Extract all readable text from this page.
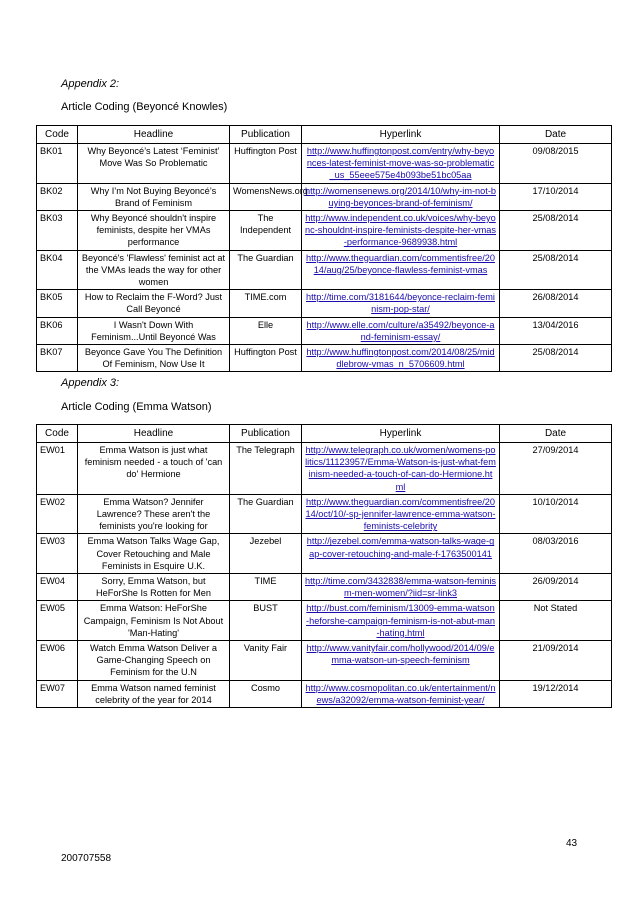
Appendix 2:
Article Coding (Beyoncé Knowles)
Code	Headline	Publication	Hyperlink	Date
BK01	Why Beyoncé’s Latest ‘Feminist’ Move Was So Problematic	Huffington Post	http://www.huffingtonpost.com/entry/why-beyonces-latest-feminist-move-was-so-problematic_us_55eee575e4b093be51bc05aa	09/08/2015
BK02	Why I’m Not Buying Beyoncé’s Brand of Feminism	WomensNews.org	http://womensenews.org/2014/10/why-im-not-buying-beyonces-brand-of-feminism/	17/10/2014
BK03	Why Beyoncé shouldn't inspire feminists, despite her VMAs performance	The Independent	http://www.independent.co.uk/voices/why-beyonc-shouldnt-inspire-feminists-despite-her-vmas-performance-9689938.html	25/08/2014
BK04	Beyoncé's 'Flawless' feminist act at the VMAs leads the way for other women	The Guardian	http://www.theguardian.com/commentisfree/2014/aug/25/beyonce-flawless-feminist-vmas	25/08/2014
BK05	How to Reclaim the F-Word? Just Call Beyoncé	TIME.com	http://time.com/3181644/beyonce-reclaim-feminism-pop-star/	26/08/2014
BK06	I Wasn't Down With Feminism...Until Beyoncé Was	Elle	http://www.elle.com/culture/a35492/beyonce-and-feminism-essay/	13/04/2016
BK07	Beyonce Gave You The Definition Of Feminism, Now Use It	Huffington Post	http://www.huffingtonpost.com/2014/08/25/middlebrow-vmas_n_5706609.html	25/08/2014
Appendix 3:
Article Coding (Emma Watson)
Code	Headline	Publication	Hyperlink	Date
EW01	Emma Watson is just what feminism needed - a touch of 'can do' Hermione	The Telegraph	http://www.telegraph.co.uk/women/womens-politics/11123957/Emma-Watson-is-just-what-feminism-needed-a-touch-of-can-do-Hermione.html	27/09/2014
EW02	Emma Watson? Jennifer Lawrence? These aren't the feminists you're looking for	The Guardian	http://www.theguardian.com/commentisfree/2014/oct/10/-sp-jennifer-lawrence-emma-watson-feminists-celebrity	10/10/2014
EW03	Emma Watson Talks Wage Gap, Cover Retouching and Male Feminists in Esquire U.K.	Jezebel	http://jezebel.com/emma-watson-talks-wage-gap-cover-retouching-and-male-f-1763500141	08/03/2016
EW04	Sorry, Emma Watson, but HeForShe Is Rotten for Men	TIME	http://time.com/3432838/emma-watson-feminism-men-women/?iid=sr-link3	26/09/2014
EW05	Emma Watson: HeForShe Campaign, Feminism Is Not About 'Man-Hating'	BUST	http://bust.com/feminism/13009-emma-watson-heforshe-campaign-feminism-is-not-abut-man-hating.html	Not Stated
EW06	Watch Emma Watson Deliver a Game-Changing Speech on Feminism for the U.N	Vanity Fair	http://www.vanityfair.com/hollywood/2014/09/emma-watson-un-speech-feminism	21/09/2014
EW07	Emma Watson named feminist celebrity of the year for 2014	Cosmo	http://www.cosmopolitan.co.uk/entertainment/news/a32092/emma-watson-feminist-year/	19/12/2014
43
200707558
